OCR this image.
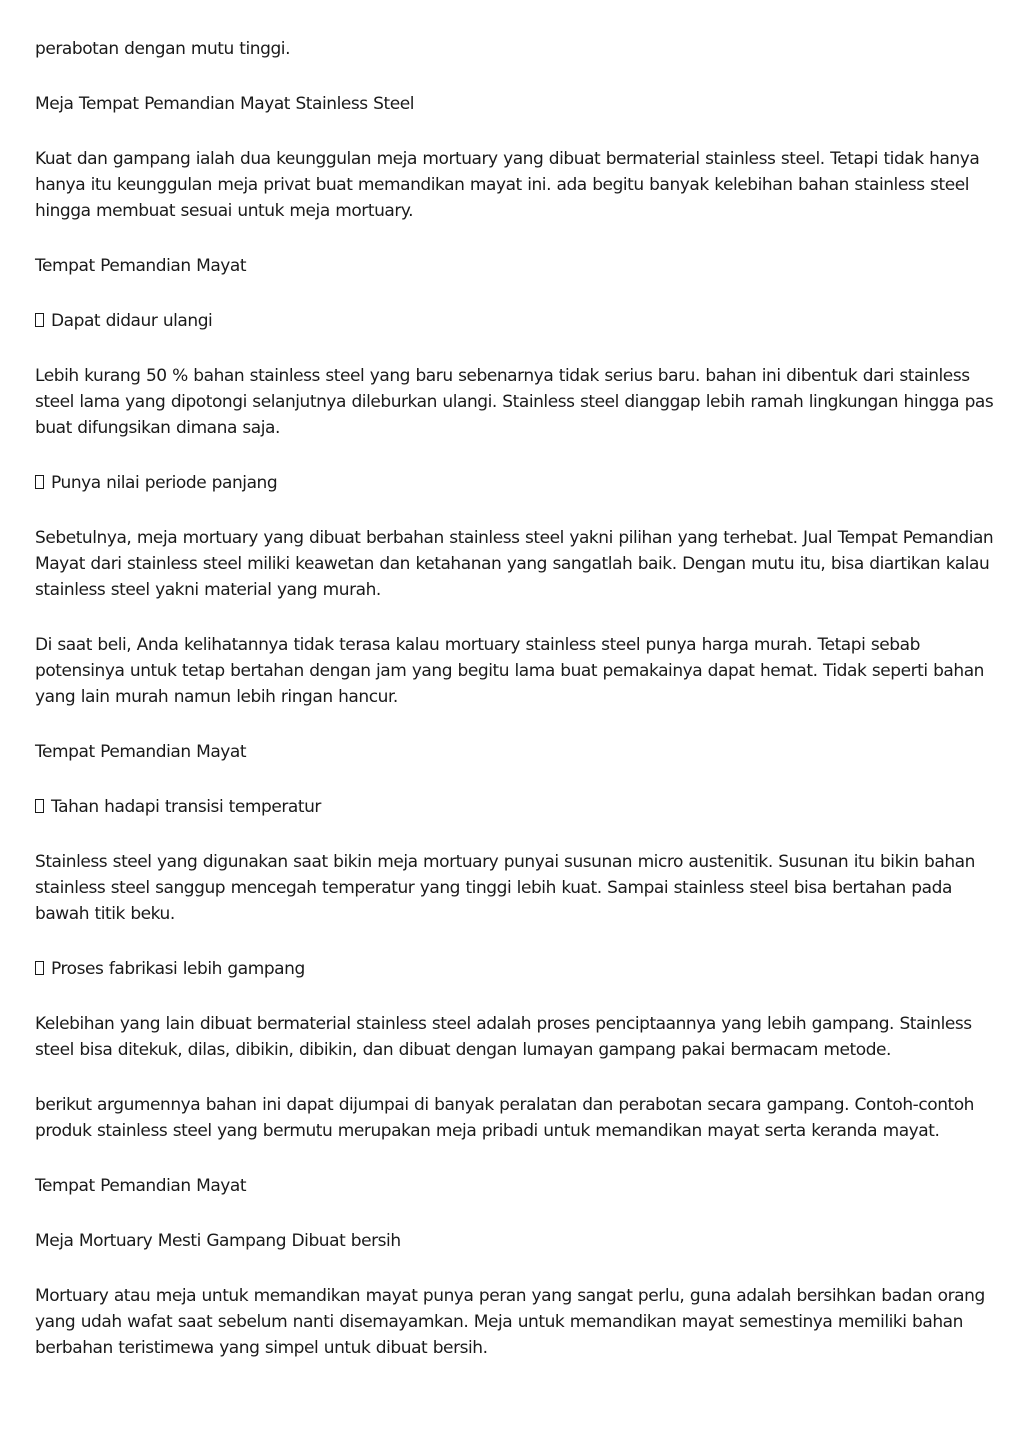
perabotan dengan mutu tinggi.

Meja Tempat Pemandian Mayat Stainless Steel

Kuat dan gampang ialah dua keunggulan meja mortuary yang dibuat bermaterial stainless steel. Tetapi tidak hanya hanya itu keunggulan meja privat buat memandikan mayat ini. ada begitu banyak kelebihan bahan stainless steel hingga membuat sesuai untuk meja mortuary.

Tempat Pemandian Mayat

Dapat didaur ulangi

Lebih kurang 50 % bahan stainless steel yang baru sebenarnya tidak serius baru. bahan ini dibentuk dari stainless steel lama yang dipotongi selanjutnya dileburkan ulangi. Stainless steel dianggap lebih ramah lingkungan hingga pas buat difungsikan dimana saja.

Punya nilai periode panjang

Sebetulnya, meja mortuary yang dibuat berbahan stainless steel yakni pilihan yang terhebat. Jual Tempat Pemandian Mayat dari stainless steel miliki keawetan dan ketahanan yang sangatlah baik. Dengan mutu itu, bisa diartikan kalau stainless steel yakni material yang murah.

Di saat beli, Anda kelihatannya tidak terasa kalau mortuary stainless steel punya harga murah. Tetapi sebab potensinya untuk tetap bertahan dengan jam yang begitu lama buat pemakainya dapat hemat. Tidak seperti bahan yang lain murah namun lebih ringan hancur.

Tempat Pemandian Mayat

Tahan hadapi transisi temperatur

Stainless steel yang digunakan saat bikin meja mortuary punyai susunan micro austenitik. Susunan itu bikin bahan stainless steel sanggup mencegah temperatur yang tinggi lebih kuat. Sampai stainless steel bisa bertahan pada bawah titik beku.

Proses fabrikasi lebih gampang

Kelebihan yang lain dibuat bermaterial stainless steel adalah proses penciptaannya yang lebih gampang. Stainless steel bisa ditekuk, dilas, dibikin, dibikin, dan dibuat dengan lumayan gampang pakai bermacam metode.

berikut argumennya bahan ini dapat dijumpai di banyak peralatan dan perabotan secara gampang. Contoh-contoh produk stainless steel yang bermutu merupakan meja pribadi untuk memandikan mayat serta keranda mayat.

Tempat Pemandian Mayat

Meja Mortuary Mesti Gampang Dibuat bersih

Mortuary atau meja untuk memandikan mayat punya peran yang sangat perlu, guna adalah bersihkan badan orang yang udah wafat saat sebelum nanti disemayamkan. Meja untuk memandikan mayat semestinya memiliki bahan berbahan teristimewa yang simpel untuk dibuat bersih.
